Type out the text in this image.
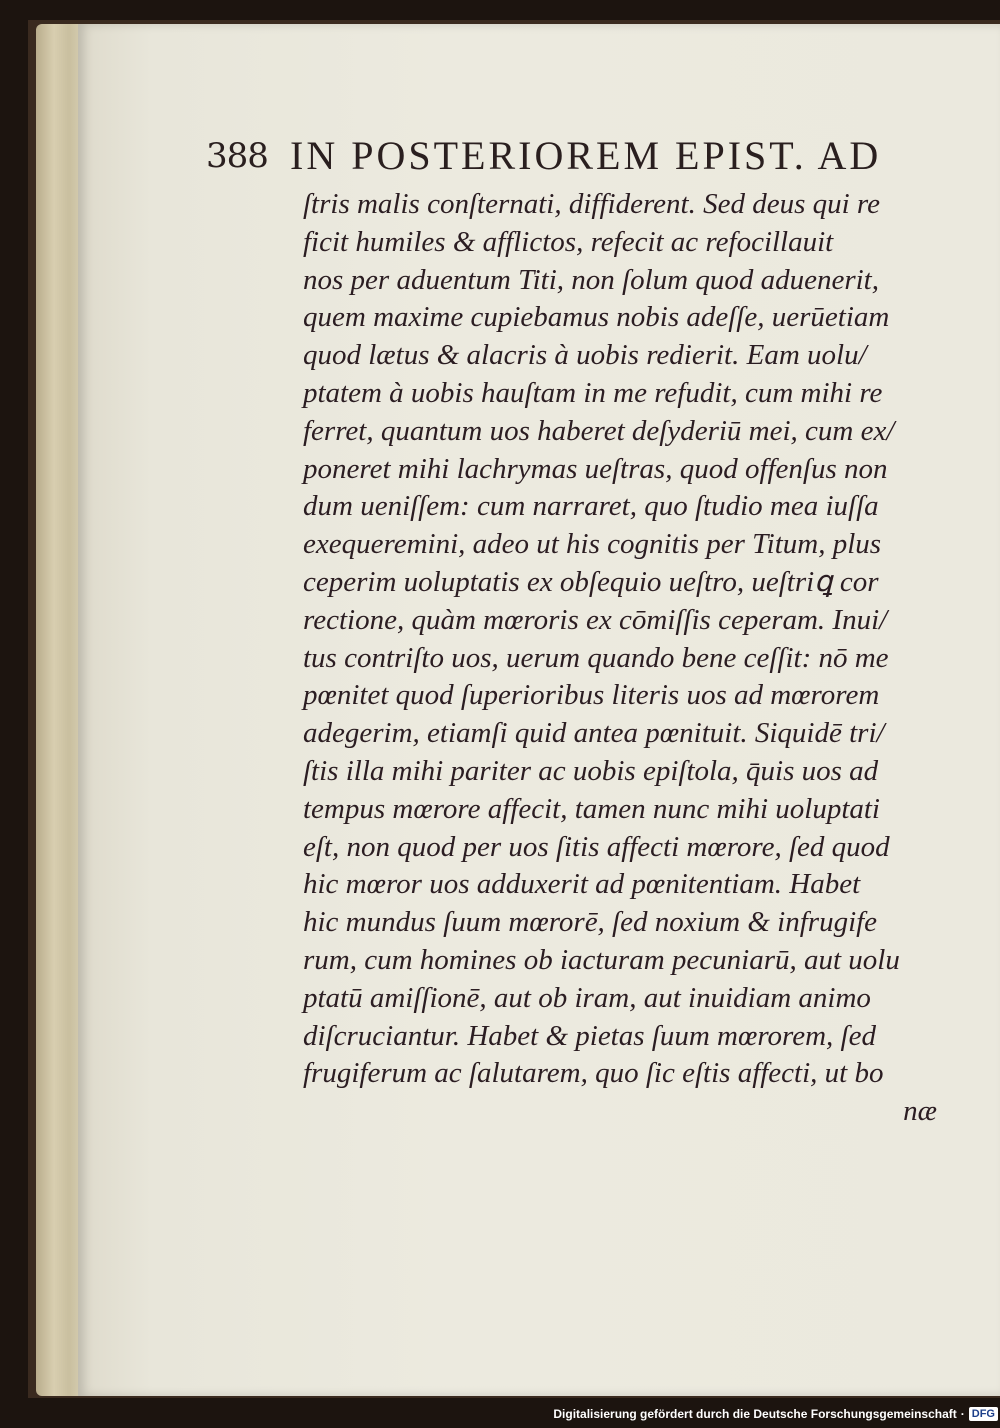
388 IN POSTERIOREM EPIST. AD
ſtris malis conſternati, diffiderent. Sed deus qui re
ficit humiles & afflictos, refecit ac refocillauit
nos per aduentum Titi, non ſolum quod aduenerit,
quem maxime cupiebamus nobis adeſſe, uerūetiam
quod lætus & alacris à uobis redierit. Eam uolu/
ptatem à uobis hauſtam in me refudit, cum mihi re
ferret, quantum uos haberet deſyderiū mei, cum ex/
poneret mihi lachrymas ueſtras, quod offenſus non
dum ueniſſem: cum narraret, quo ſtudio mea iuſſa
exequeremini, adeo ut his cognitis per Titum, plus
ceperim uoluptatis ex obſequio ueſtro, ueſtriꝗ cor
rectione, quàm mœroris ex cōmiſſis ceperam. Inui/
tus contriſto uos, uerum quando bene ceſſit: nō me
pœnitet quod ſuperioribus literis uos ad mœrorem
adegerim, etiamſi quid antea pœnituit. Siquidē tri/
ſtis illa mihi pariter ac uobis epiſtola, q̄uis uos ad
tempus mœrore affecit, tamen nunc mihi uoluptati
eſt, non quod per uos ſitis affecti mœrore, ſed quod
hic mœror uos adduxerit ad pœnitentiam. Habet
hic mundus ſuum mœrorē, ſed noxium & infrugife
rum, cum homines ob iacturam pecuniarū, aut uolu
ptatū amiſſionē, aut ob iram, aut inuidiam animo
diſcruciantur. Habet & pietas ſuum mœrorem, ſed
frugiferum ac ſalutarem, quo ſic eſtis affecti, ut bo
næ
Digitalisierung gefördert durch die Deutsche Forschungsgemeinschaft · DFG
